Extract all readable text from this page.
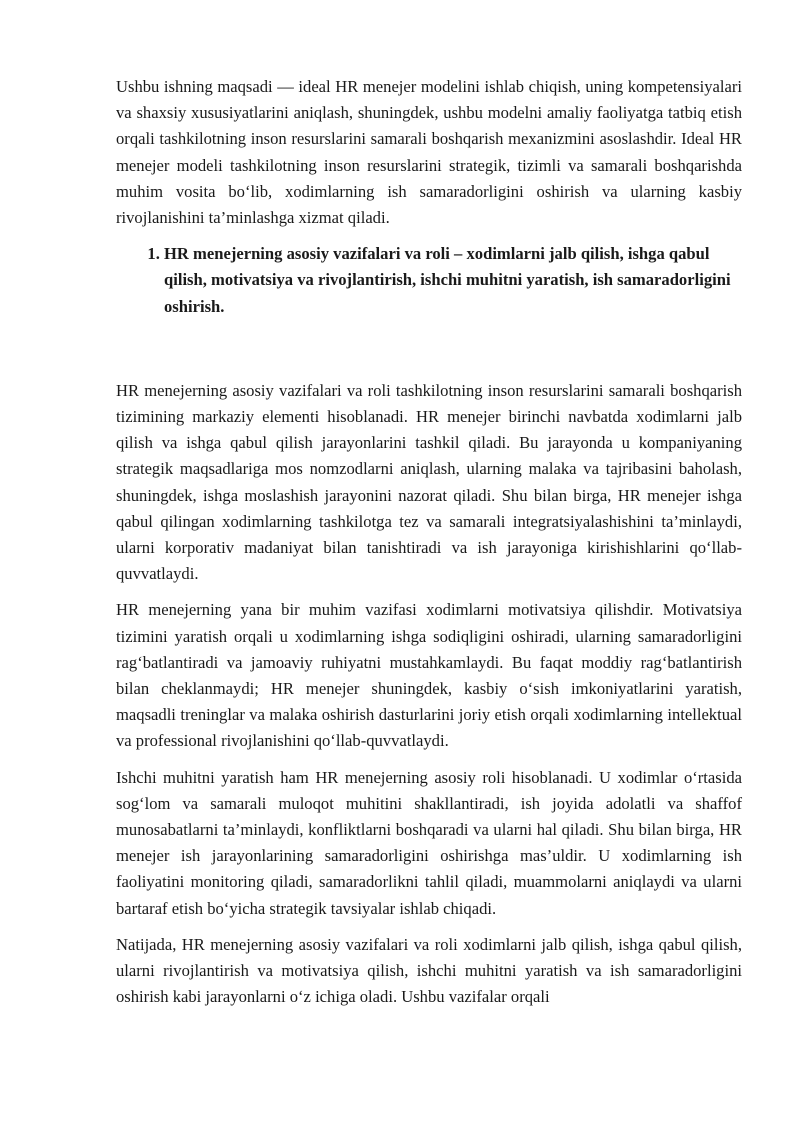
Ushbu ishning maqsadi — ideal HR menejer modelini ishlab chiqish, uning kompetensiyalari va shaxsiy xususiyatlarini aniqlash, shuningdek, ushbu modelni amaliy faoliyatga tatbiq etish orqali tashkilotning inson resurslarini samarali boshqarish mexanizmini asoslashdir. Ideal HR menejer modeli tashkilotning inson resurslarini strategik, tizimli va samarali boshqarishda muhim vosita bo‘lib, xodimlarning ish samaradorligini oshirish va ularning kasbiy rivojlanishini ta’minlashga xizmat qiladi.

1. HR menejerning asosiy vazifalari va roli – xodimlarni jalb qilish, ishga qabul qilish, motivatsiya va rivojlantirish, ishchi muhitni yaratish, ish samaradorligini oshirish.

HR menejerning asosiy vazifalari va roli tashkilotning inson resurslarini samarali boshqarish tizimining markaziy elementi hisoblanadi. HR menejer birinchi navbatda xodimlarni jalb qilish va ishga qabul qilish jarayonlarini tashkil qiladi. Bu jarayonda u kompaniyaning strategik maqsadlariga mos nomzodlarni aniqlash, ularning malaka va tajribasini baholash, shuningdek, ishga moslashish jarayonini nazorat qiladi. Shu bilan birga, HR menejer ishga qabul qilingan xodimlarning tashkilotga tez va samarali integratsiyalashishini ta’minlaydi, ularni korporativ madaniyat bilan tanishtiradi va ish jarayoniga kirishishlarini qo‘llab-quvvatlaydi.

HR menejerning yana bir muhim vazifasi xodimlarni motivatsiya qilishdir. Motivatsiya tizimini yaratish orqali u xodimlarning ishga sodiqligini oshiradi, ularning samaradorligini rag‘batlantiradi va jamoaviy ruhiyatni mustahkamlaydi. Bu faqat moddiy rag‘batlantirish bilan cheklanmaydi; HR menejer shuningdek, kasbiy o‘sish imkoniyatlarini yaratish, maqsadli treninglar va malaka oshirish dasturlarini joriy etish orqali xodimlarning intellektual va professional rivojlanishini qo‘llab-quvvatlaydi.

Ishchi muhitni yaratish ham HR menejerning asosiy roli hisoblanadi. U xodimlar o‘rtasida sog‘lom va samarali muloqot muhitini shakllantiradi, ish joyida adolatli va shaffof munosabatlarni ta’minlaydi, konfliktlarni boshqaradi va ularni hal qiladi. Shu bilan birga, HR menejer ish jarayonlarining samaradorligini oshirishga mas’uldir. U xodimlarning ish faoliyatini monitoring qiladi, samaradorlikni tahlil qiladi, muammolarni aniqlaydi va ularni bartaraf etish bo‘yicha strategik tavsiyalar ishlab chiqadi.

Natijada, HR menejerning asosiy vazifalari va roli xodimlarni jalb qilish, ishga qabul qilish, ularni rivojlantirish va motivatsiya qilish, ishchi muhitni yaratish va ish samaradorligini oshirish kabi jarayonlarni o‘z ichiga oladi. Ushbu vazifalar orqali
